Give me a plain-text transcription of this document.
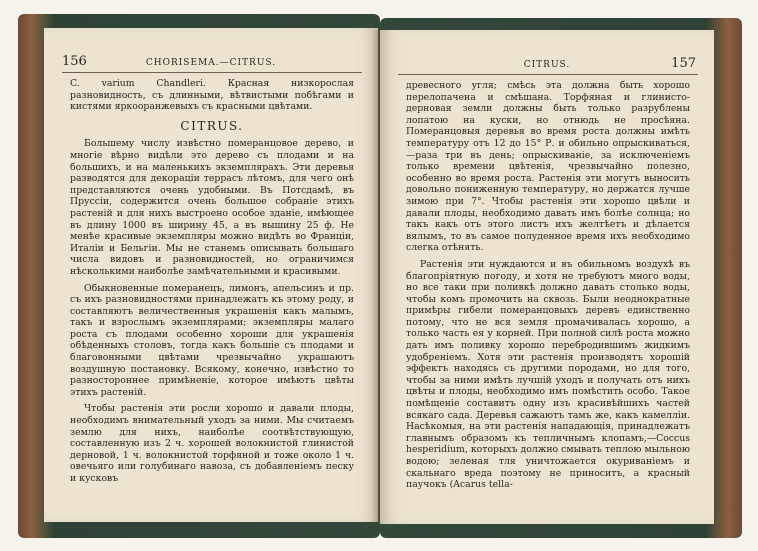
156	CHORISEMA.—CITRUS.

C. varium Chandleri. Красная низкорослая разновидность, съ длинными, вѣтвистыми побѣгами и кистями яркооранжевыхъ съ красными цвѣтами.

CITRUS.

Большему числу извѣстно померанцовое дерево, и многіе вѣрно видѣли это дерево съ плодами и на большихъ, и на маленькихъ экземплярахъ. Эти деревья разводятся для декораціи террасъ лѣтомъ, для чего онѣ представляются очень удобными. Въ Потсдамѣ, въ Пруссіи, содержится очень большое собраніе этихъ растеній и для нихъ выстроено особое зданіе, имѣющее въ длину 1000 въ ширину 45, а въ вышину 25 ф. Не менѣе красивые экземпляры можно видѣть во Франціи, Италіи и Бельгіи. Мы не станемъ описывать большаго числа видовъ и разновидностей, но ограничимся нѣсколькими наиболѣе замѣчательными и красивыми.

Обыкновенные померанецъ, лимонъ, апельсинъ и пр. съ ихъ разновидностями принадлежатъ къ этому роду, и составляютъ величественныя украшенія какъ малымъ, такъ и взрослымъ экземплярами; экземпляры малаго роста съ плодами особенно хороши для украшенія обѣденныхъ столовъ, тогда какъ большіе съ плодами и благовонными цвѣтами чрезвычайно украшаютъ воздушную постановку. Всякому, конечно, извѣстно то разностороннее примѣненіе, которое имѣютъ цвѣты этихъ растеній.

Чтобы растенія эти росли хорошо и давали плоды, необходимъ внимательный уходъ за ними. Мы считаемъ землю для нихъ, наиболѣе соотвѣтствующую, составленную изъ 2 ч. хорошей волокнистой глинистой дерновой, 1 ч. волокнистой торфяной и тоже около 1 ч. овечьяго или голубинаго навоза, съ добавленіемъ песку и кусковъ

CITRUS.	157

древесного угля; смѣсь эта должна быть хорошо перелопачена и смѣшана. Торфяная и глинисто-дерновая земли должны быть только разрублены лопатою на куски, но отнюдь не просѣяна. Померанцовыя деревья во время роста должны имѣть температуру отъ 12 до 15° Р. и обильно опрыскиваться,—раза три въ день; опрыскиваніе, за исключеніемъ только времени цвѣтенія, чрезвычайно полезно, особенно во время роста. Растенія эти могутъ выносить довольно пониженную температуру, но держатся лучше зимою при 7°. Чтобы растенія эти хорошо цвѣли и давали плоды, необходимо давать имъ болѣе солнца; но такъ какъ отъ этого листъ ихъ желтѣетъ и дѣлается вялымъ, то въ самое полуденное время ихъ необходимо слегка отѣнять.

Растенія эти нуждаются и въ обильномъ воздухѣ въ благопріятную погоду, и хотя не требуютъ много воды, но все таки при поливкѣ должно давать столько воды, чтобы комъ промочить на сквозь. Были неоднократные примѣры гибели померанцовыхъ деревъ единственно потому, что не вся земля промачивалась хорошо, а только часть ея у корней. При полной силѣ роста можно дать имъ поливку хорошо перебродившимъ жидкимъ удобреніемъ. Хотя эти растенія производятъ хорошій эффектъ находясь съ другими породами, но для того, чтобы за ними имѣть лучшій уходъ и получать отъ нихъ цвѣты и плоды, необходимо имъ помѣстить особо. Такое помѣщеніе составитъ одну изъ красивѣйшихъ частей всякаго сада. Деревья сажаютъ тамъ же, какъ камелліи. Насѣкомыя, на эти растенія нападающія, принадлежатъ главнымъ образомъ къ тепличнымъ клопамъ,—Coccus hesperidium, которыхъ должно смывать теплою мыльною водою; зеленая тля уничтожается окуриваніемъ и скальнаго вреда поэтому не приноситъ, а красный паучокъ (Acarus tella-
